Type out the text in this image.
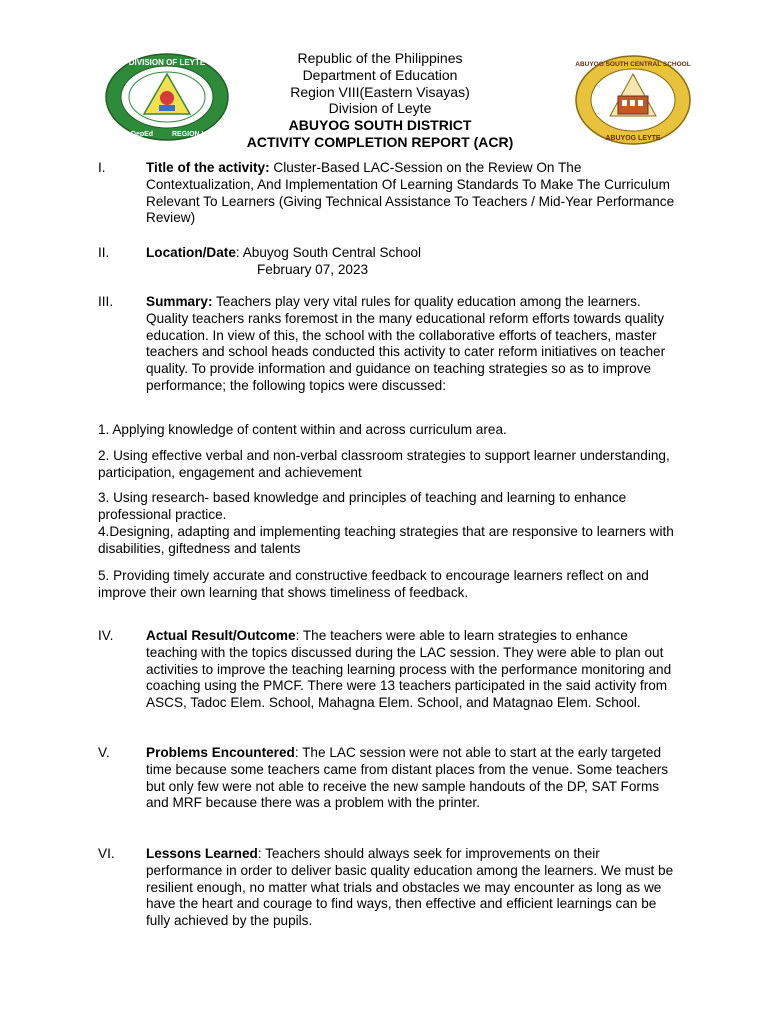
DIVISION OF LEYTE
DepEd	REGION VIII
ABUYOG SOUTH CENTRAL SCHOOL
ABUYOG LEYTE
Republic of the Philippines
Department of Education
Region VIII(Eastern Visayas)
Division of Leyte
ABUYOG SOUTH DISTRICT
ACTIVITY COMPLETION REPORT (ACR)
I.	Title of the activity: Cluster-Based LAC-Session on the Review On The Contextualization, And Implementation Of Learning Standards To Make The Curriculum Relevant To Learners (Giving Technical Assistance To Teachers / Mid-Year Performance Review)
II.	Location/Date: Abuyog South Central School
February 07, 2023
III. Summary: Teachers play very vital rules for quality education among the learners. Quality teachers ranks foremost in the many educational reform efforts towards quality education. In view of this, the school with the collaborative efforts of teachers, master teachers and school heads conducted this activity to cater reform initiatives on teacher quality. To provide information and guidance on teaching strategies so as to improve performance; the following topics were discussed:
1. Applying knowledge of content within and across curriculum area.
2. Using effective verbal and non-verbal classroom strategies to support learner understanding, participation, engagement and achievement
3. Using research- based knowledge and principles of teaching and learning to enhance professional practice.
4.Designing, adapting and implementing teaching strategies that are responsive to learners with disabilities, giftedness and talents
5. Providing timely accurate and constructive feedback to encourage learners reflect on and improve their own learning that shows timeliness of feedback.
IV. Actual Result/Outcome: The teachers were able to learn strategies to enhance teaching with the topics discussed during the LAC session. They were able to plan out activities to improve the teaching learning process with the performance monitoring and coaching using the PMCF. There were 13 teachers participated in the said activity from ASCS, Tadoc Elem. School, Mahagna Elem. School, and Matagnao Elem. School.
V.	Problems Encountered: The LAC session were not able to start at the early targeted time because some teachers came from distant places from the venue. Some teachers but only few were not able to receive the new sample handouts of the DP, SAT Forms and MRF because there was a problem with the printer.
VI. Lessons Learned: Teachers should always seek for improvements on their performance in order to deliver basic quality education among the learners. We must be resilient enough, no matter what trials and obstacles we may encounter as long as we have the heart and courage to find ways, then effective and efficient learnings can be fully achieved by the pupils.
